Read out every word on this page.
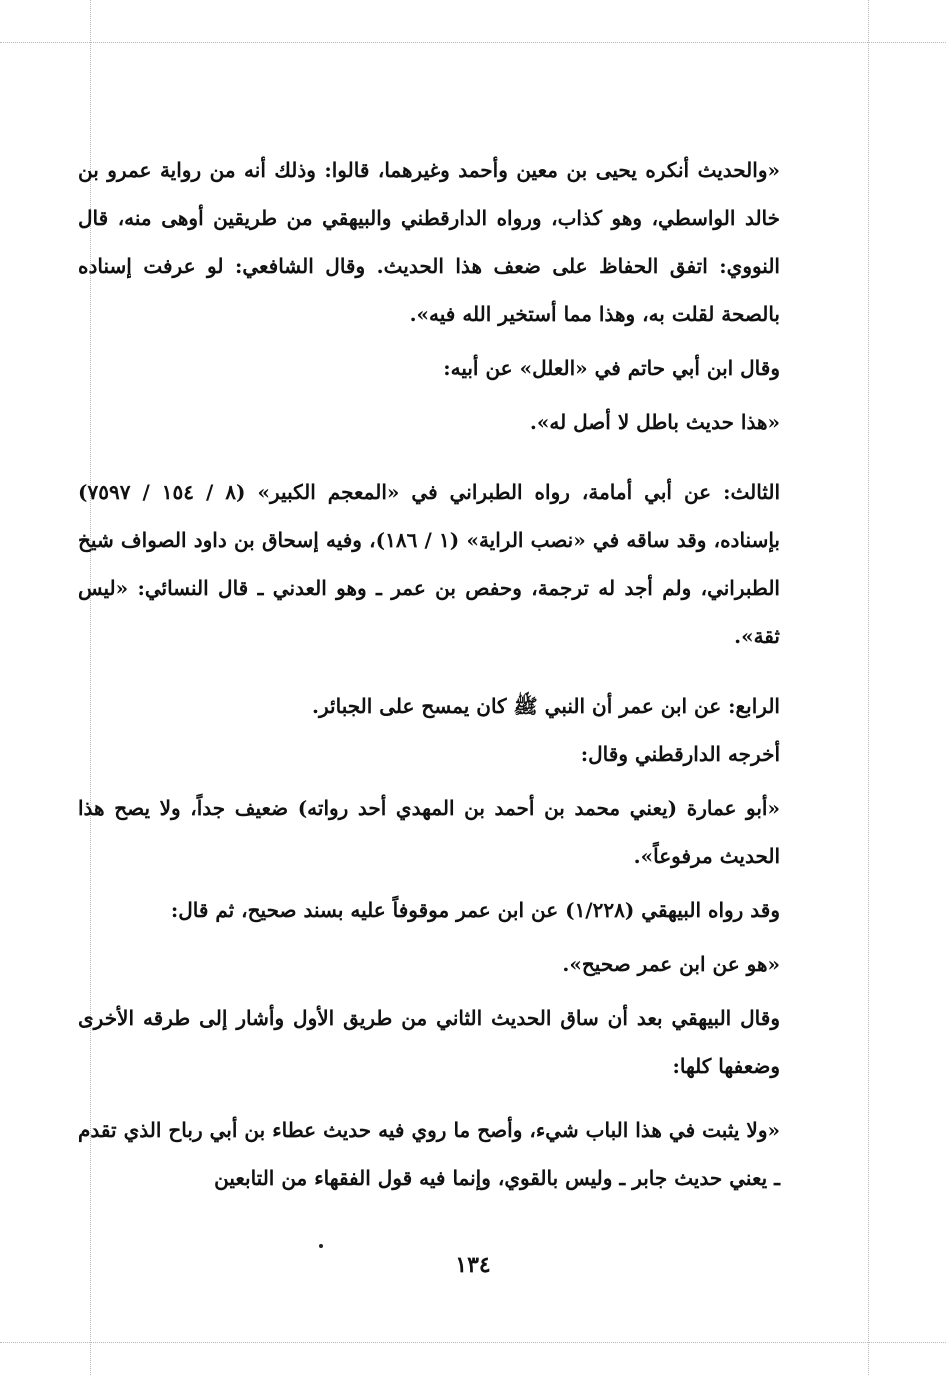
«والحديث أنكره يحيى بن معين وأحمد وغيرهما، قالوا: وذلك أنه من رواية عمرو بن خالد الواسطي، وهو كذاب، ورواه الدارقطني والبيهقي من طريقين أوهى منه، قال النووي: اتفق الحفاظ على ضعف هذا الحديث. وقال الشافعي: لو عرفت إسناده بالصحة لقلت به، وهذا مما أستخير الله فيه».

وقال ابن أبي حاتم في «العلل» عن أبيه:

«هذا حديث باطل لا أصل له».

الثالث: عن أبي أمامة، رواه الطبراني في «المعجم الكبير» (٨ / ١٥٤ / ٧٥٩٧) بإسناده، وقد ساقه في «نصب الراية» (١ / ١٨٦)، وفيه إسحاق بن داود الصواف شيخ الطبراني، ولم أجد له ترجمة، وحفص بن عمر ـ وهو العدني ـ قال النسائي: «ليس ثقة».

الرابع: عن ابن عمر أن النبي ﷺ كان يمسح على الجبائر.

أخرجه الدارقطني وقال:

«أبو عمارة (يعني محمد بن أحمد بن المهدي أحد رواته) ضعيف جداً، ولا يصح هذا الحديث مرفوعاً».

وقد رواه البيهقي (١/٢٢٨) عن ابن عمر موقوفاً عليه بسند صحيح، ثم قال:

«هو عن ابن عمر صحيح».

وقال البيهقي بعد أن ساق الحديث الثاني من طريق الأول وأشار إلى طرقه الأخرى وضعفها كلها:

«ولا يثبت في هذا الباب شيء، وأصح ما روي فيه حديث عطاء بن أبي رباح الذي تقدم ـ يعني حديث جابر ـ وليس بالقوي، وإنما فيه قول الفقهاء من التابعين

١٣٤
